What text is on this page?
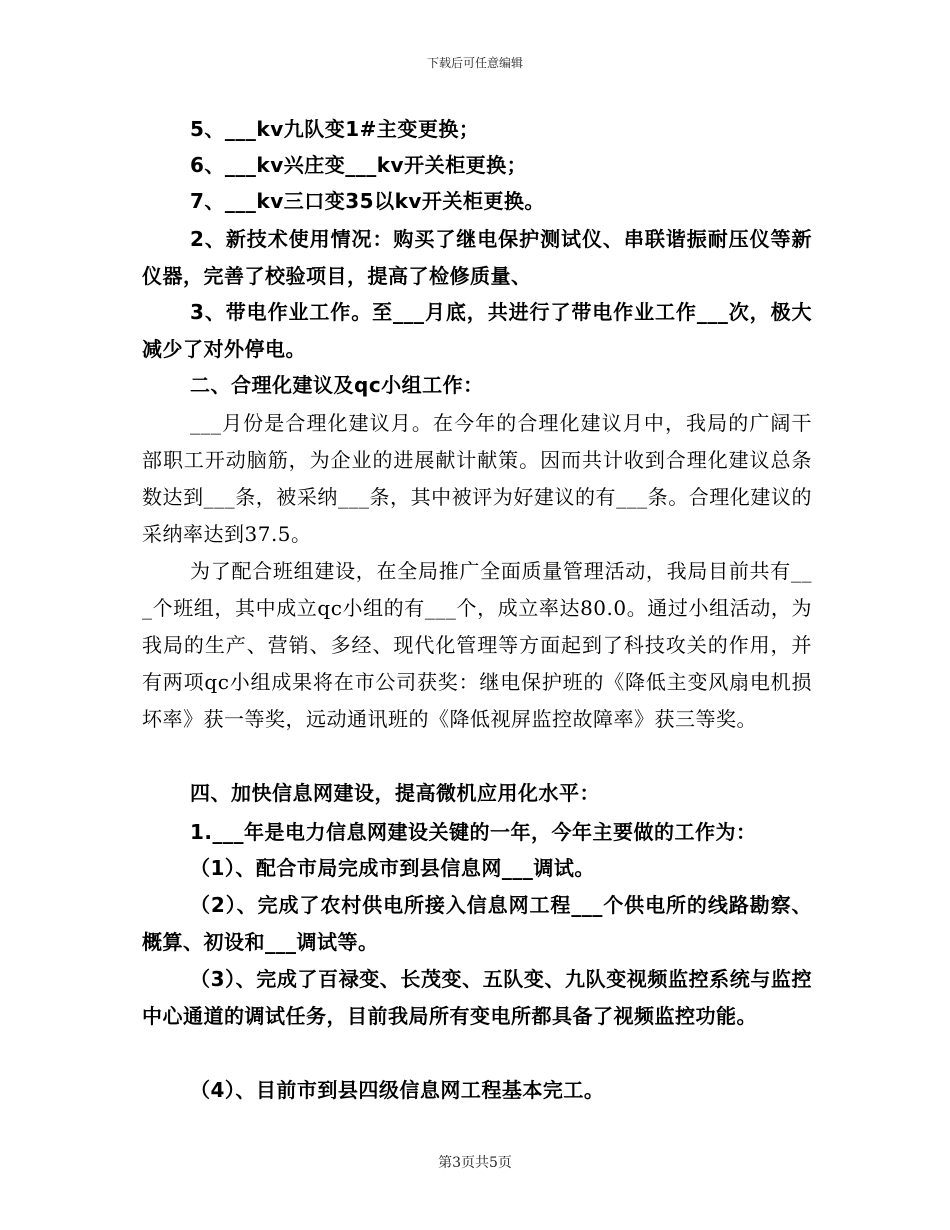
下载后可任意编辑

5、___kv九队变1#主变更换；

6、___kv兴庄变___kv开关柜更换；

7、___kv三口变35以kv开关柜更换。

2、新技术使用情况：购买了继电保护测试仪、串联谐振耐压仪等新仪器，完善了校验项目，提高了检修质量、

3、带电作业工作。至___月底，共进行了带电作业工作___次，极大减少了对外停电。

二、合理化建议及qc小组工作：

___月份是合理化建议月。在今年的合理化建议月中，我局的广阔干部职工开动脑筋，为企业的进展献计献策。因而共计收到合理化建议总条数达到___条，被采纳___条，其中被评为好建议的有___条。合理化建议的采纳率达到37.5。

为了配合班组建设，在全局推广全面质量管理活动，我局目前共有___个班组，其中成立qc小组的有___个，成立率达80.0。通过小组活动，为我局的生产、营销、多经、现代化管理等方面起到了科技攻关的作用，并有两项qc小组成果将在市公司获奖：继电保护班的《降低主变风扇电机损坏率》获一等奖，远动通讯班的《降低视屏监控故障率》获三等奖。

四、加快信息网建设，提高微机应用化水平：

1.___年是电力信息网建设关键的一年，今年主要做的工作为：

（1）、配合市局完成市到县信息网___调试。

（2）、完成了农村供电所接入信息网工程___个供电所的线路勘察、概算、初设和___调试等。

（3）、完成了百禄变、长茂变、五队变、九队变视频监控系统与监控中心通道的调试任务，目前我局所有变电所都具备了视频监控功能。

（4）、目前市到县四级信息网工程基本完工。

第3页共5页
